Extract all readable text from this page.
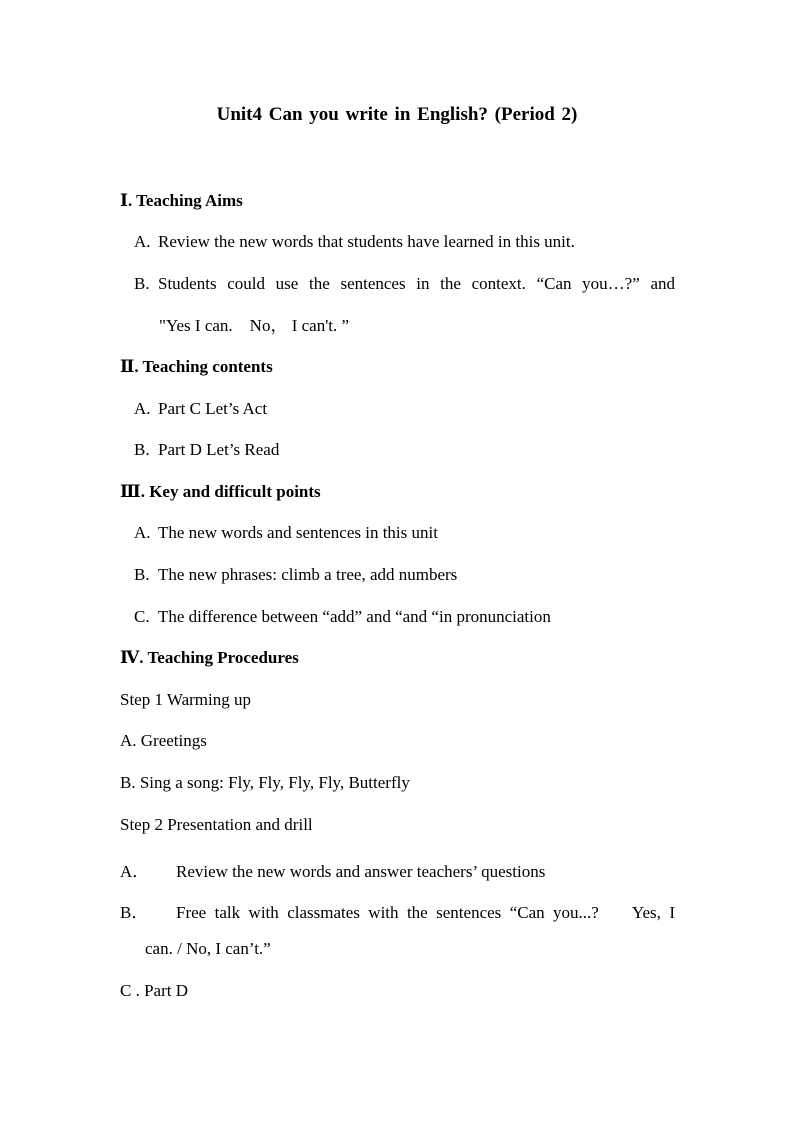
Unit4 Can you write in English? (Period 2)
Ⅰ. Teaching Aims
A. Review the new words that students have learned in this unit.
B. Students could use the sentences in the context. “Can you…?” and
"Yes I can.    No， I can't. ”
Ⅱ. Teaching contents
A. Part C Let’s Act
B. Part D Let’s Read
Ⅲ. Key and difficult points
A. The new words and sentences in this unit
B. The new phrases: climb a tree, add numbers
C. The difference between “add” and “and “in pronunciation
Ⅳ. Teaching Procedures
Step 1 Warming up
A. Greetings
B. Sing a song: Fly, Fly, Fly, Fly, Butterfly
Step 2 Presentation and drill
A． Review the new words and answer teachers’ questions
B． Free talk with classmates with the sentences “Can you...?    Yes, I
can. / No, I can’t.”
C . Part D
